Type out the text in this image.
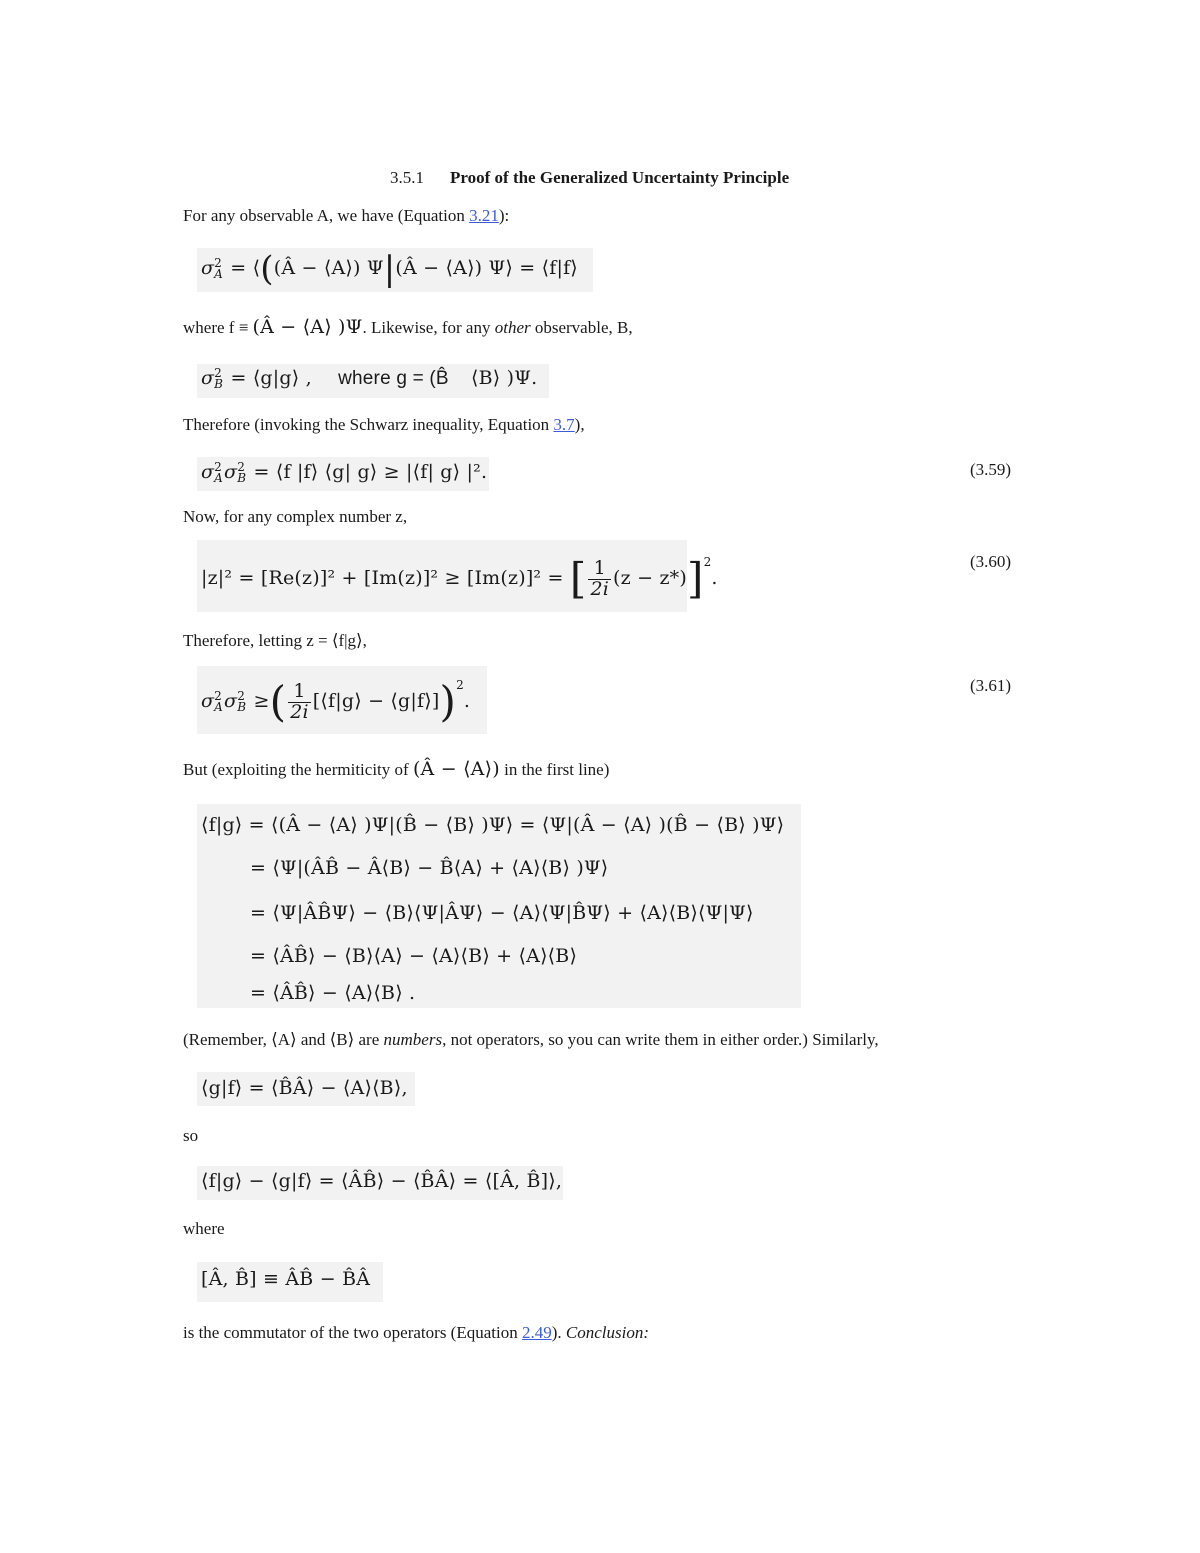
3.5.1 Proof of the Generalized Uncertainty Principle
For any observable A, we have (Equation 3.21):
σ 2
A = ⟨((Â − ⟨A⟩) Ψ|(Â − ⟨A⟩) Ψ⟩ = ⟨f|f⟩
where f ≡ (Â − ⟨A⟩ )Ψ. Likewise, for any other observable, B,
σ 2
B = ⟨g|g⟩ , where g = (B̂ ⟨B⟩ )Ψ.
Therefore (invoking the Schwarz inequality, Equation 3.7),
σ 2
A σ 2
B = ⟨f |f⟩ ⟨g| g⟩ ≥ |⟨f| g⟩ |².	(3.59)
Now, for any complex number z,
|z|² = [Re(z)]² + [Im(z)]² ≥ [Im(z)]² = [ $\frac{1}{2i} (z - z*)]^2$.
(3.60)
Therefore, letting z = ⟨f|g⟩,
σ 2
A σ 2
B ≥( $\frac{1}{2i}$ [⟨f|g⟩ − ⟨g|f⟩])$^2$.
(3.61)
But (exploiting the hermiticity of (Â − ⟨A⟩) in the first line)
⟨f|g⟩ = ⟨(Â − ⟨A⟩ )Ψ|(B̂ − ⟨B⟩ )Ψ⟩ = ⟨Ψ|(Â − ⟨A⟩ )(B̂ − ⟨B⟩ )Ψ⟩
= ⟨Ψ|(ÂB̂ − Â⟨B⟩ − B̂⟨A⟩ + ⟨A⟩⟨B⟩ )Ψ⟩
= ⟨Ψ|ÂB̂Ψ⟩ − ⟨B⟩⟨Ψ|ÂΨ⟩ − ⟨A⟩⟨Ψ|B̂Ψ⟩ + ⟨A⟩⟨B⟩⟨Ψ|Ψ⟩
= ⟨ÂB̂⟩ − ⟨B⟩⟨A⟩ − ⟨A⟩⟨B⟩ + ⟨A⟩⟨B⟩
= ⟨ÂB̂⟩ − ⟨A⟩⟨B⟩ .
(Remember, ⟨A⟩ and ⟨B⟩ are numbers, not operators, so you can write them in either order.) Similarly,
⟨g|f⟩ = ⟨B̂Â⟩ − ⟨A⟩⟨B⟩,
so
⟨f|g⟩ − ⟨g|f⟩ = ⟨ÂB̂⟩ − ⟨B̂Â⟩ = ⟨[Â, B̂]⟩,
where
[Â, B̂] ≡ ÂB̂ − B̂Â
is the commutator of the two operators (Equation 2.49). Conclusion:
